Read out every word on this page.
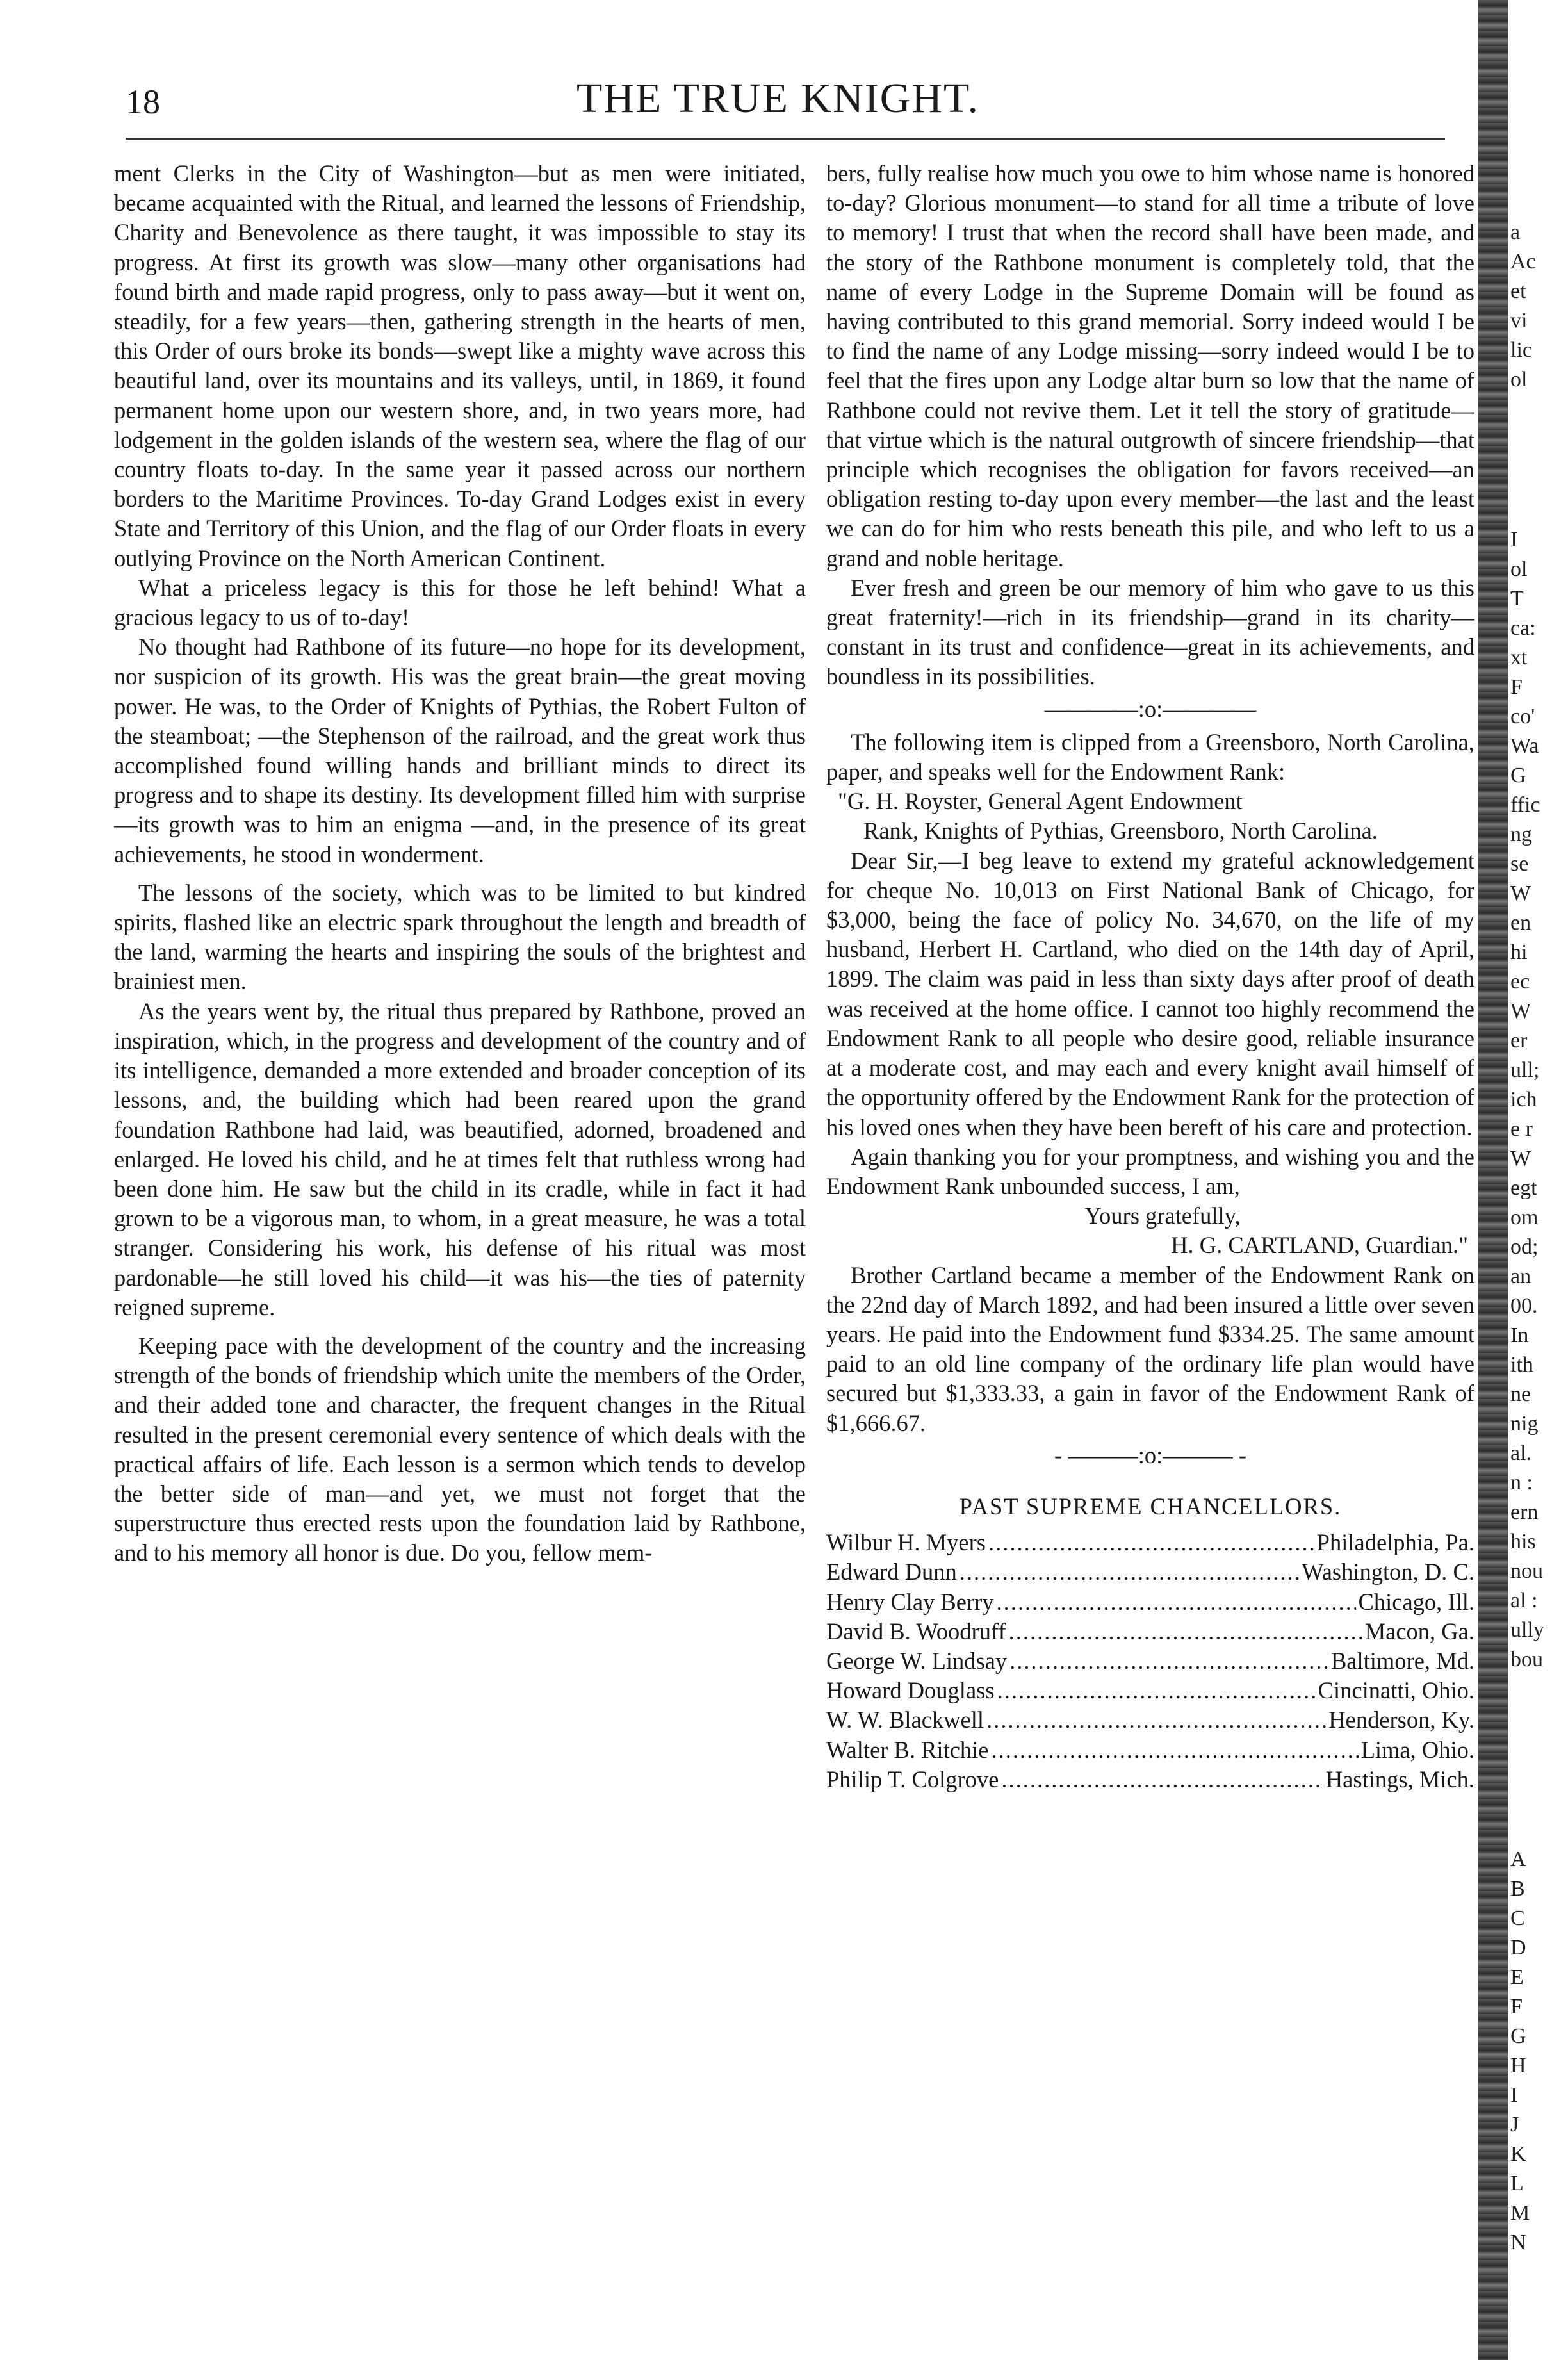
18	THE TRUE KNIGHT.

ment Clerks in the City of Washington—but as men were initiated, became acquainted with the Ritual, and learned the lessons of Friendship, Charity and Benevolence as there taught, it was impossible to stay its progress. At first its growth was slow—many other organisations had found birth and made rapid progress, only to pass away—but it went on, steadily, for a few years—then, gathering strength in the hearts of men, this Order of ours broke its bonds—swept like a mighty wave across this beautiful land, over its mountains and its valleys, until, in 1869, it found permanent home upon our western shore, and, in two years more, had lodgement in the golden islands of the western sea, where the flag of our country floats to-day. In the same year it passed across our northern borders to the Maritime Provinces. To-day Grand Lodges exist in every State and Territory of this Union, and the flag of our Order floats in every outlying Province on the North American Continent.

What a priceless legacy is this for those he left behind! What a gracious legacy to us of to-day!

No thought had Rathbone of its future—no hope for its development, nor suspicion of its growth. His was the great brain—the great moving power. He was, to the Order of Knights of Pythias, the Robert Fulton of the steamboat; —the Stephenson of the railroad, and the great work thus accomplished found willing hands and brilliant minds to direct its progress and to shape its destiny. Its development filled him with surprise—its growth was to him an enigma —and, in the presence of its great achievements, he stood in wonderment.

The lessons of the society, which was to be limited to but kindred spirits, flashed like an electric spark throughout the length and breadth of the land, warming the hearts and inspiring the souls of the brightest and brainiest men.

As the years went by, the ritual thus prepared by Rathbone, proved an inspiration, which, in the progress and development of the country and of its intelligence, demanded a more extended and broader conception of its lessons, and, the building which had been reared upon the grand foundation Rathbone had laid, was beautified, adorned, broadened and enlarged. He loved his child, and he at times felt that ruthless wrong had been done him. He saw but the child in its cradle, while in fact it had grown to be a vigorous man, to whom, in a great measure, he was a total stranger. Considering his work, his defense of his ritual was most pardonable—he still loved his child—it was his—the ties of paternity reigned supreme.

Keeping pace with the development of the country and the increasing strength of the bonds of friendship which unite the members of the Order, and their added tone and character, the frequent changes in the Ritual resulted in the present ceremonial every sentence of which deals with the practical affairs of life. Each lesson is a sermon which tends to develop the better side of man—and yet, we must not forget that the superstructure thus erected rests upon the foundation laid by Rathbone, and to his memory all honor is due. Do you, fellow mem-

bers, fully realise how much you owe to him whose name is honored to-day? Glorious monument—to stand for all time a tribute of love to memory! I trust that when the record shall have been made, and the story of the Rathbone monument is completely told, that the name of every Lodge in the Supreme Domain will be found as having contributed to this grand memorial. Sorry indeed would I be to find the name of any Lodge missing—sorry indeed would I be to feel that the fires upon any Lodge altar burn so low that the name of Rathbone could not revive them. Let it tell the story of gratitude—that virtue which is the natural outgrowth of sincere friendship—that principle which recognises the obligation for favors received—an obligation resting to-day upon every member—the last and the least we can do for him who rests beneath this pile, and who left to us a grand and noble heritage.

Ever fresh and green be our memory of him who gave to us this great fraternity!—rich in its friendship—grand in its charity—constant in its trust and confidence—great in its achievements, and boundless in its possibilities.

————:o:————

The following item is clipped from a Greensboro, North Carolina, paper, and speaks well for the Endowment Rank:

"G. H. Royster, General Agent Endowment

Rank, Knights of Pythias, Greensboro, North Carolina.

Dear Sir,—I beg leave to extend my grateful acknowledgement for cheque No. 10,013 on First National Bank of Chicago, for $3,000, being the face of policy No. 34,670, on the life of my husband, Herbert H. Cartland, who died on the 14th day of April, 1899. The claim was paid in less than sixty days after proof of death was received at the home office. I cannot too highly recommend the Endowment Rank to all people who desire good, reliable insurance at a moderate cost, and may each and every knight avail himself of the opportunity offered by the Endowment Rank for the protection of his loved ones when they have been bereft of his care and protection.

Again thanking you for your promptness, and wishing you and the Endowment Rank unbounded success, I am,

Yours gratefully,

H. G. CARTLAND, Guardian."

Brother Cartland became a member of the Endowment Rank on the 22nd day of March 1892, and had been insured a little over seven years. He paid into the Endowment fund $334.25. The same amount paid to an old line company of the ordinary life plan would have secured but $1,333.33, a gain in favor of the Endowment Rank of $1,666.67.

- ———:o:——— -
PAST SUPREME CHANCELLORS.
Wilbur H. Myers .....	Philadelphia, Pa.
Edward Dunn .....	Washington, D. C.
Henry Clay Berry .....	Chicago, Ill.
David B. Woodruff .....	Macon, Ga.
George W. Lindsay .....	Baltimore, Md.
Howard Douglass .....	Cincinatti, Ohio.
W. W. Blackwell .....	Henderson, Ky.
Walter B. Ritchie .....	Lima, Ohio.
Philip T. Colgrove .....	Hastings, Mich.
a
Ac
et
vi
lic
ol
I
ol
T
ca:
xt
F
co'
Wa
G
ffic
ng
se
W
en
hi
ec
W
er
ull;
ich
e r
W
egt
om
od;
an
00.
In
ith
ne
nig
al.
n :
ern
his
nou
al :
ully
bou
A
B
C
D
E
F
G
H
I
J
K
L
M
N
